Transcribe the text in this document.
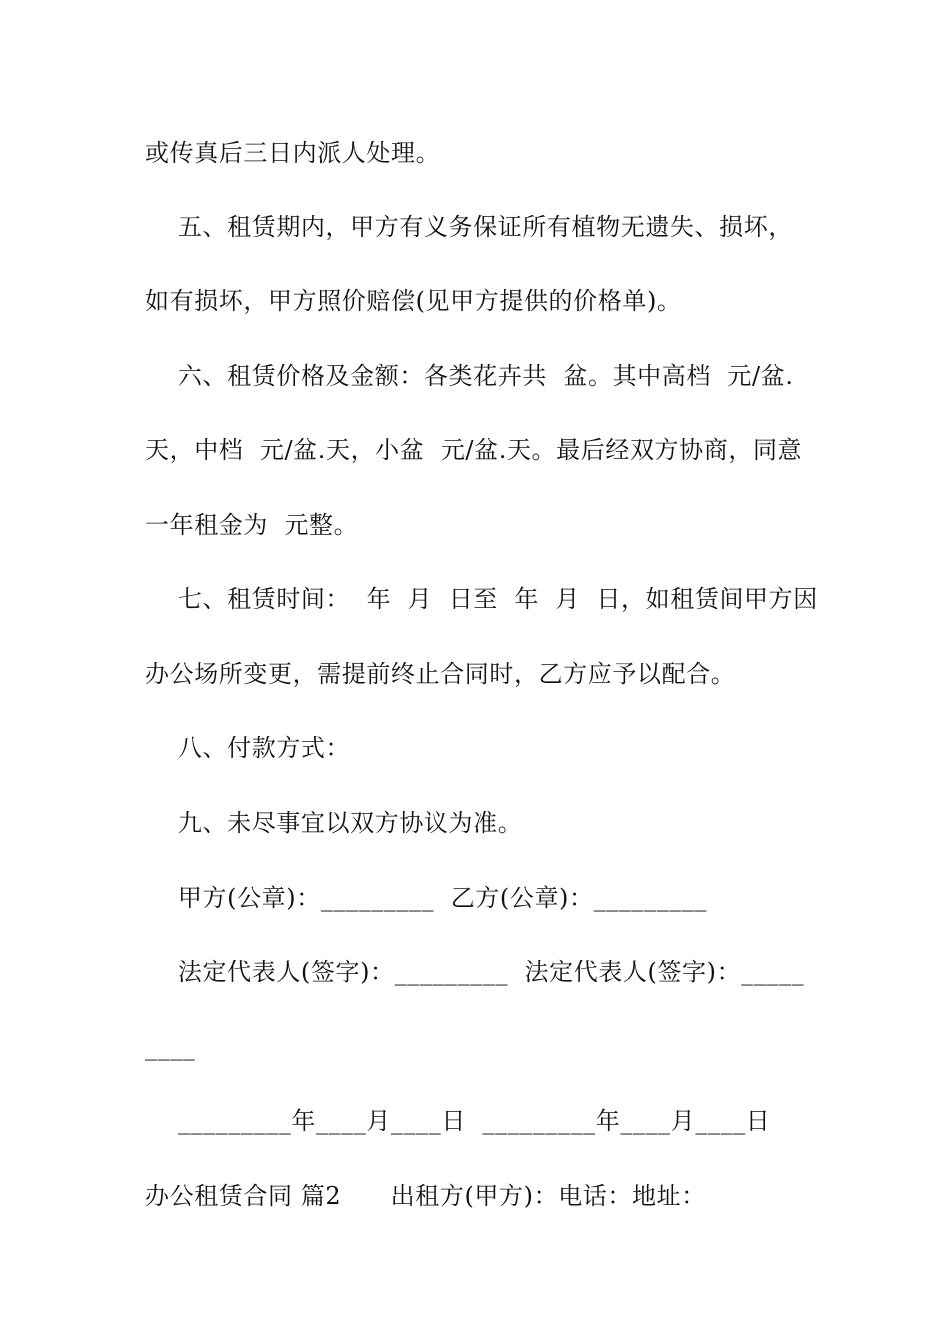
或传真后三日内派人处理。
五、租赁期内，甲方有义务保证所有植物无遗失、损坏，
如有损坏，甲方照价赔偿(见甲方提供的价格单)。
六、租赁价格及金额：各类花卉共  盆。其中高档  元/盆.
天，中档  元/盆.天，小盆  元/盆.天。最后经双方协商，同意
一年租金为  元整。
七、租赁时间：  年  月  日至  年  月  日，如租赁间甲方因
办公场所变更，需提前终止合同时，乙方应予以配合。
八、付款方式：
九、未尽事宜以双方协议为准。
甲方(公章)：_________  乙方(公章)：_________
法定代表人(签字)：_________  法定代表人(签字)：_____
____
_________年____月____日  _________年____月____日
办公租赁合同 篇2      出租方(甲方)：电话：地址：
